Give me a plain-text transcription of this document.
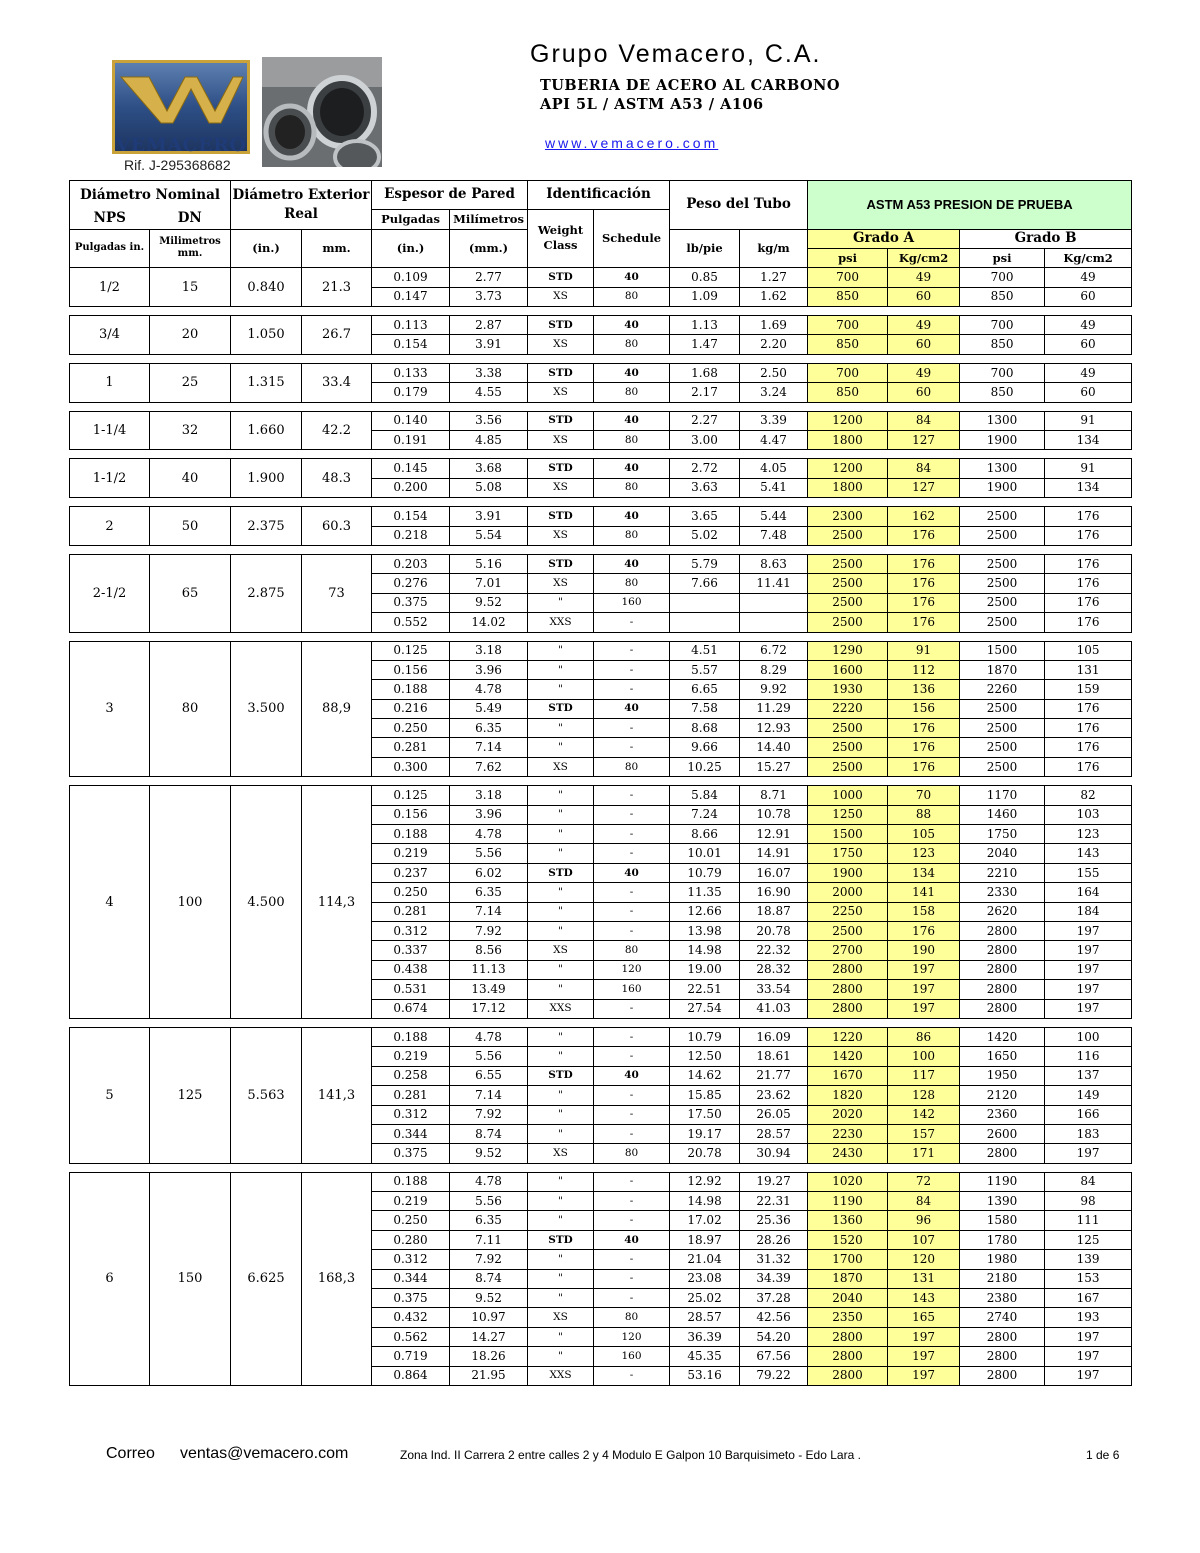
VEMACERO
Rif. J-295368682
Grupo Vemacero, C.A.
TUBERIA DE ACERO AL CARBONO
API 5L / ASTM A53 / A106
www.vemacero.com
Diámetro Nominal		Diámetro Exterior Real		Espesor de Pared		Identificación		Peso del Tubo		ASTM A53 PRESION DE PRUEBA			
NPS	DN			Pulgadas	Milímetros	Weight Class	Schedule						
Pulgadas in.	Milimetros mm.	(in.)	mm.	(in.)	(mm.)			lb/pie	kg/m	Grado A		Grado B	
										psi	Kg/cm2	psi	Kg/cm2
1/2	15	0.840	21.3	0.109	2.77	STD	40	0.85	1.27	700	49	700	49
				0.147	3.73	XS	80	1.09	1.62	850	60	850	60

3/4	20	1.050	26.7	0.113	2.87	STD	40	1.13	1.69	700	49	700	49
				0.154	3.91	XS	80	1.47	2.20	850	60	850	60

1	25	1.315	33.4	0.133	3.38	STD	40	1.68	2.50	700	49	700	49
				0.179	4.55	XS	80	2.17	3.24	850	60	850	60

1-1/4	32	1.660	42.2	0.140	3.56	STD	40	2.27	3.39	1200	84	1300	91
				0.191	4.85	XS	80	3.00	4.47	1800	127	1900	134

1-1/2	40	1.900	48.3	0.145	3.68	STD	40	2.72	4.05	1200	84	1300	91
				0.200	5.08	XS	80	3.63	5.41	1800	127	1900	134

2	50	2.375	60.3	0.154	3.91	STD	40	3.65	5.44	2300	162	2500	176
				0.218	5.54	XS	80	5.02	7.48	2500	176	2500	176

2-1/2	65	2.875	73	0.203	5.16	STD	40	5.79	8.63	2500	176	2500	176
				0.276	7.01	XS	80	7.66	11.41	2500	176	2500	176
				0.375	9.52	"	160			2500	176	2500	176
				0.552	14.02	XXS	-			2500	176	2500	176

3	80	3.500	88,9	0.125	3.18	"	-	4.51	6.72	1290	91	1500	105
				0.156	3.96	"	-	5.57	8.29	1600	112	1870	131
				0.188	4.78	"	-	6.65	9.92	1930	136	2260	159
				0.216	5.49	STD	40	7.58	11.29	2220	156	2500	176
				0.250	6.35	"	-	8.68	12.93	2500	176	2500	176
				0.281	7.14	"	-	9.66	14.40	2500	176	2500	176
				0.300	7.62	XS	80	10.25	15.27	2500	176	2500	176

4	100	4.500	114,3	0.125	3.18	"	-	5.84	8.71	1000	70	1170	82
				0.156	3.96	"	-	7.24	10.78	1250	88	1460	103
				0.188	4.78	"	-	8.66	12.91	1500	105	1750	123
				0.219	5.56	"	-	10.01	14.91	1750	123	2040	143
				0.237	6.02	STD	40	10.79	16.07	1900	134	2210	155
				0.250	6.35	"	-	11.35	16.90	2000	141	2330	164
				0.281	7.14	"	-	12.66	18.87	2250	158	2620	184
				0.312	7.92	"	-	13.98	20.78	2500	176	2800	197
				0.337	8.56	XS	80	14.98	22.32	2700	190	2800	197
				0.438	11.13	"	120	19.00	28.32	2800	197	2800	197
				0.531	13.49	"	160	22.51	33.54	2800	197	2800	197
				0.674	17.12	XXS	-	27.54	41.03	2800	197	2800	197

5	125	5.563	141,3	0.188	4.78	"	-	10.79	16.09	1220	86	1420	100
				0.219	5.56	"	-	12.50	18.61	1420	100	1650	116
				0.258	6.55	STD	40	14.62	21.77	1670	117	1950	137
				0.281	7.14	"	-	15.85	23.62	1820	128	2120	149
				0.312	7.92	"	-	17.50	26.05	2020	142	2360	166
				0.344	8.74	"	-	19.17	28.57	2230	157	2600	183
				0.375	9.52	XS	80	20.78	30.94	2430	171	2800	197

6	150	6.625	168,3	0.188	4.78	"	-	12.92	19.27	1020	72	1190	84
				0.219	5.56	"	-	14.98	22.31	1190	84	1390	98
				0.250	6.35	"	-	17.02	25.36	1360	96	1580	111
				0.280	7.11	STD	40	18.97	28.26	1520	107	1780	125
				0.312	7.92	"	-	21.04	31.32	1700	120	1980	139
				0.344	8.74	"	-	23.08	34.39	1870	131	2180	153
				0.375	9.52	"	-	25.02	37.28	2040	143	2380	167
				0.432	10.97	XS	80	28.57	42.56	2350	165	2740	193
				0.562	14.27	"	120	36.39	54.20	2800	197	2800	197
				0.719	18.26	"	160	45.35	67.56	2800	197	2800	197
				0.864	21.95	XXS	-	53.16	79.22	2800	197	2800	197
Correo ventas@vemacero.com	Zona Ind. II Carrera 2 entre calles 2 y 4 Modulo E Galpon 10 Barquisimeto - Edo Lara .	1 de 6
